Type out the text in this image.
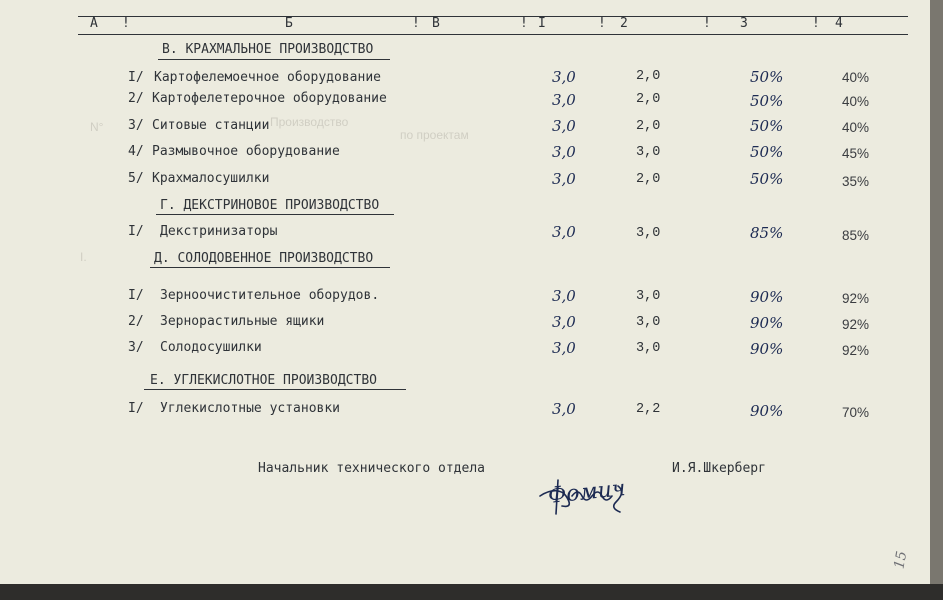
N°	Производство
по проектам
I.
А !	Б	! В	! I	! 2	! 3	! 4
В. КРАХМАЛЬНОЕ ПРОИЗВОДСТВО
I/ Картофелемоечное оборудование	3,0	2,0	50%	40%
2/ Картофелетерочное оборудование	3,0	2,0	50%	40%
3/ Ситовые станции	3,0	2,0	50%	40%
4/ Размывочное оборудование	3,0	3,0	50%	45%
5/ Крахмалосушилки	3,0	2,0	50%	35%
Г. ДЕКСТРИНОВОЕ ПРОИЗВОДСТВО
I/ Декстринизаторы	3,0	3,0	85%	85%
Д. СОЛОДОВЕННОЕ ПРОИЗВОДСТВО
I/ Зерноочистительное оборудов.	3,0	3,0	90%	92%
2/ Зернорастильные ящики	3,0	3,0	90%	92%
3/ Солодосушилки	3,0	3,0	90%	92%
Е. УГЛЕКИСЛОТНОЕ ПРОИЗВОДСТВО
I/ Углекислотные установки	3,0	2,2	90%	70%
Начальник технического отдела	И.Я.Шкерберг
Фомич
15
